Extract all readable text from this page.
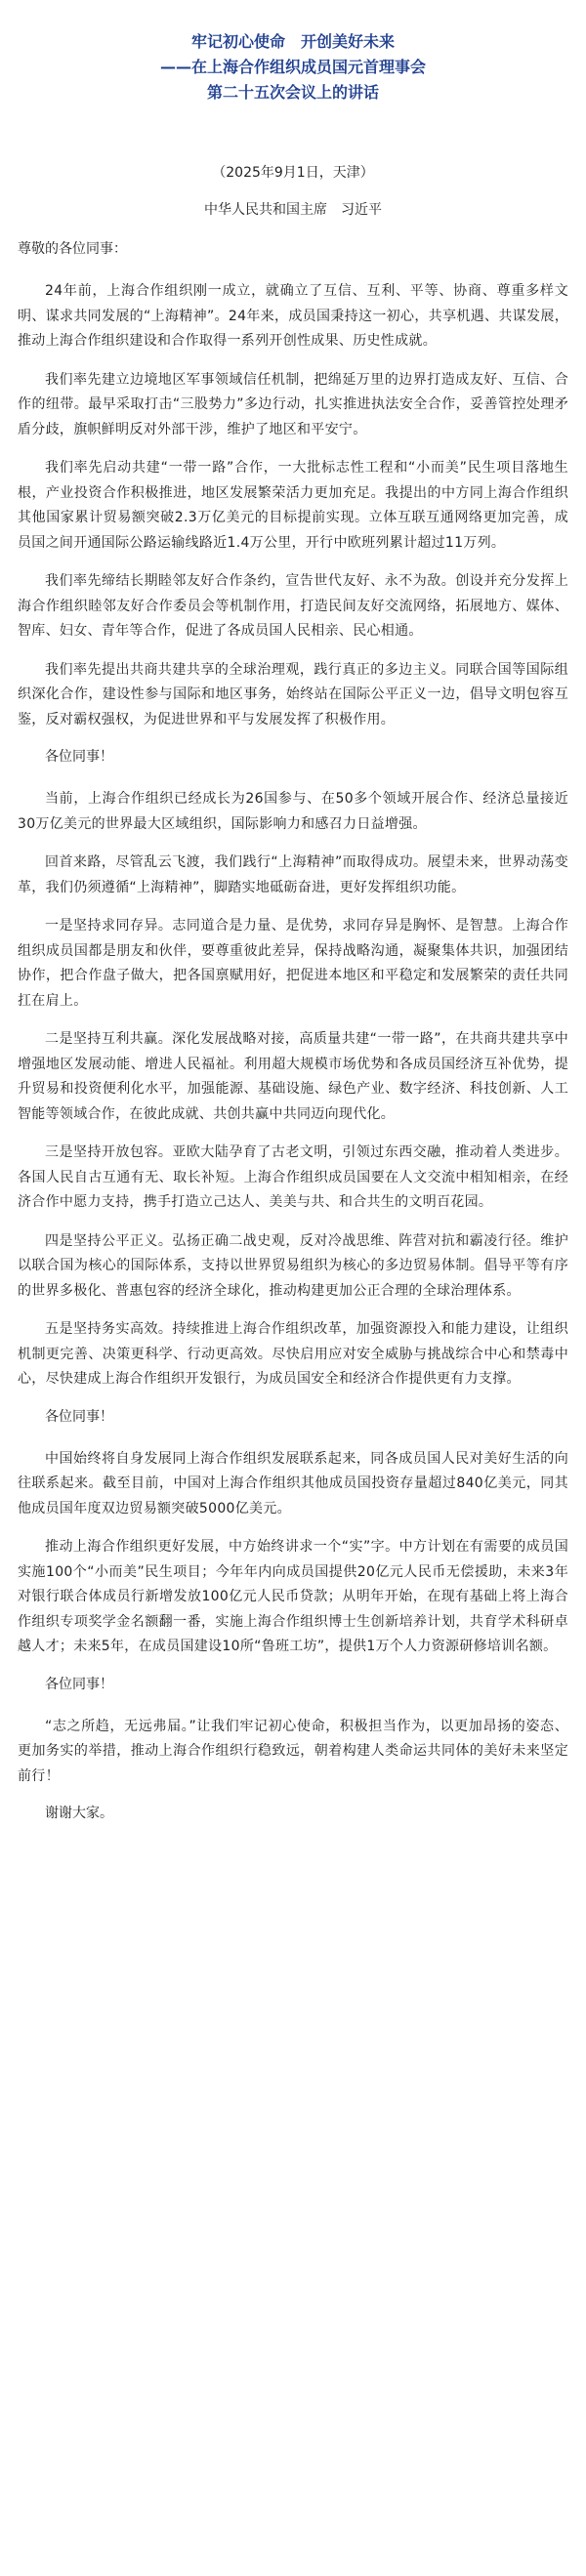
牢记初心使命　开创美好未来
——在上海合作组织成员国元首理事会
第二十五次会议上的讲话
（2025年9月1日，天津）
中华人民共和国主席　习近平
尊敬的各位同事：

24年前，上海合作组织刚一成立，就确立了互信、互利、平等、协商、尊重多样文明、谋求共同发展的“上海精神”。24年来，成员国秉持这一初心，共享机遇、共谋发展，推动上海合作组织建设和合作取得一系列开创性成果、历史性成就。

我们率先建立边境地区军事领域信任机制，把绵延万里的边界打造成友好、互信、合作的纽带。最早采取打击“三股势力”多边行动，扎实推进执法安全合作，妥善管控处理矛盾分歧，旗帜鲜明反对外部干涉，维护了地区和平安宁。

我们率先启动共建“一带一路”合作，一大批标志性工程和“小而美”民生项目落地生根，产业投资合作积极推进，地区发展繁荣活力更加充足。我提出的中方同上海合作组织其他国家累计贸易额突破2.3万亿美元的目标提前实现。立体互联互通网络更加完善，成员国之间开通国际公路运输线路近1.4万公里，开行中欧班列累计超过11万列。

我们率先缔结长期睦邻友好合作条约，宣告世代友好、永不为敌。创设并充分发挥上海合作组织睦邻友好合作委员会等机制作用，打造民间友好交流网络，拓展地方、媒体、智库、妇女、青年等合作，促进了各成员国人民相亲、民心相通。

我们率先提出共商共建共享的全球治理观，践行真正的多边主义。同联合国等国际组织深化合作，建设性参与国际和地区事务，始终站在国际公平正义一边，倡导文明包容互鉴，反对霸权强权，为促进世界和平与发展发挥了积极作用。

各位同事！

当前，上海合作组织已经成长为26国参与、在50多个领域开展合作、经济总量接近30万亿美元的世界最大区域组织，国际影响力和感召力日益增强。

回首来路，尽管乱云飞渡，我们践行“上海精神”而取得成功。展望未来，世界动荡变革，我们仍须遵循“上海精神”，脚踏实地砥砺奋进，更好发挥组织功能。

一是坚持求同存异。志同道合是力量、是优势，求同存异是胸怀、是智慧。上海合作组织成员国都是朋友和伙伴，要尊重彼此差异，保持战略沟通，凝聚集体共识，加强团结协作，把合作盘子做大，把各国禀赋用好，把促进本地区和平稳定和发展繁荣的责任共同扛在肩上。

二是坚持互利共赢。深化发展战略对接，高质量共建“一带一路”，在共商共建共享中增强地区发展动能、增进人民福祉。利用超大规模市场优势和各成员国经济互补优势，提升贸易和投资便利化水平，加强能源、基础设施、绿色产业、数字经济、科技创新、人工智能等领域合作，在彼此成就、共创共赢中共同迈向现代化。

三是坚持开放包容。亚欧大陆孕育了古老文明，引领过东西交融，推动着人类进步。各国人民自古互通有无、取长补短。上海合作组织成员国要在人文交流中相知相亲，在经济合作中愿力支持，携手打造立己达人、美美与共、和合共生的文明百花园。

四是坚持公平正义。弘扬正确二战史观，反对冷战思维、阵营对抗和霸凌行径。维护以联合国为核心的国际体系，支持以世界贸易组织为核心的多边贸易体制。倡导平等有序的世界多极化、普惠包容的经济全球化，推动构建更加公正合理的全球治理体系。

五是坚持务实高效。持续推进上海合作组织改革，加强资源投入和能力建设，让组织机制更完善、决策更科学、行动更高效。尽快启用应对安全威胁与挑战综合中心和禁毒中心，尽快建成上海合作组织开发银行，为成员国安全和经济合作提供更有力支撑。

各位同事！

中国始终将自身发展同上海合作组织发展联系起来，同各成员国人民对美好生活的向往联系起来。截至目前，中国对上海合作组织其他成员国投资存量超过840亿美元，同其他成员国年度双边贸易额突破5000亿美元。

推动上海合作组织更好发展，中方始终讲求一个“实”字。中方计划在有需要的成员国实施100个“小而美”民生项目；今年年内向成员国提供20亿元人民币无偿援助，未来3年对银行联合体成员行新增发放100亿元人民币贷款；从明年开始，在现有基础上将上海合作组织专项奖学金名额翻一番，实施上海合作组织博士生创新培养计划，共育学术科研卓越人才；未来5年，在成员国建设10所“鲁班工坊”，提供1万个人力资源研修培训名额。

各位同事！

“志之所趋，无远弗届。”让我们牢记初心使命，积极担当作为，以更加昂扬的姿态、更加务实的举措，推动上海合作组织行稳致远，朝着构建人类命运共同体的美好未来坚定前行！

谢谢大家。
